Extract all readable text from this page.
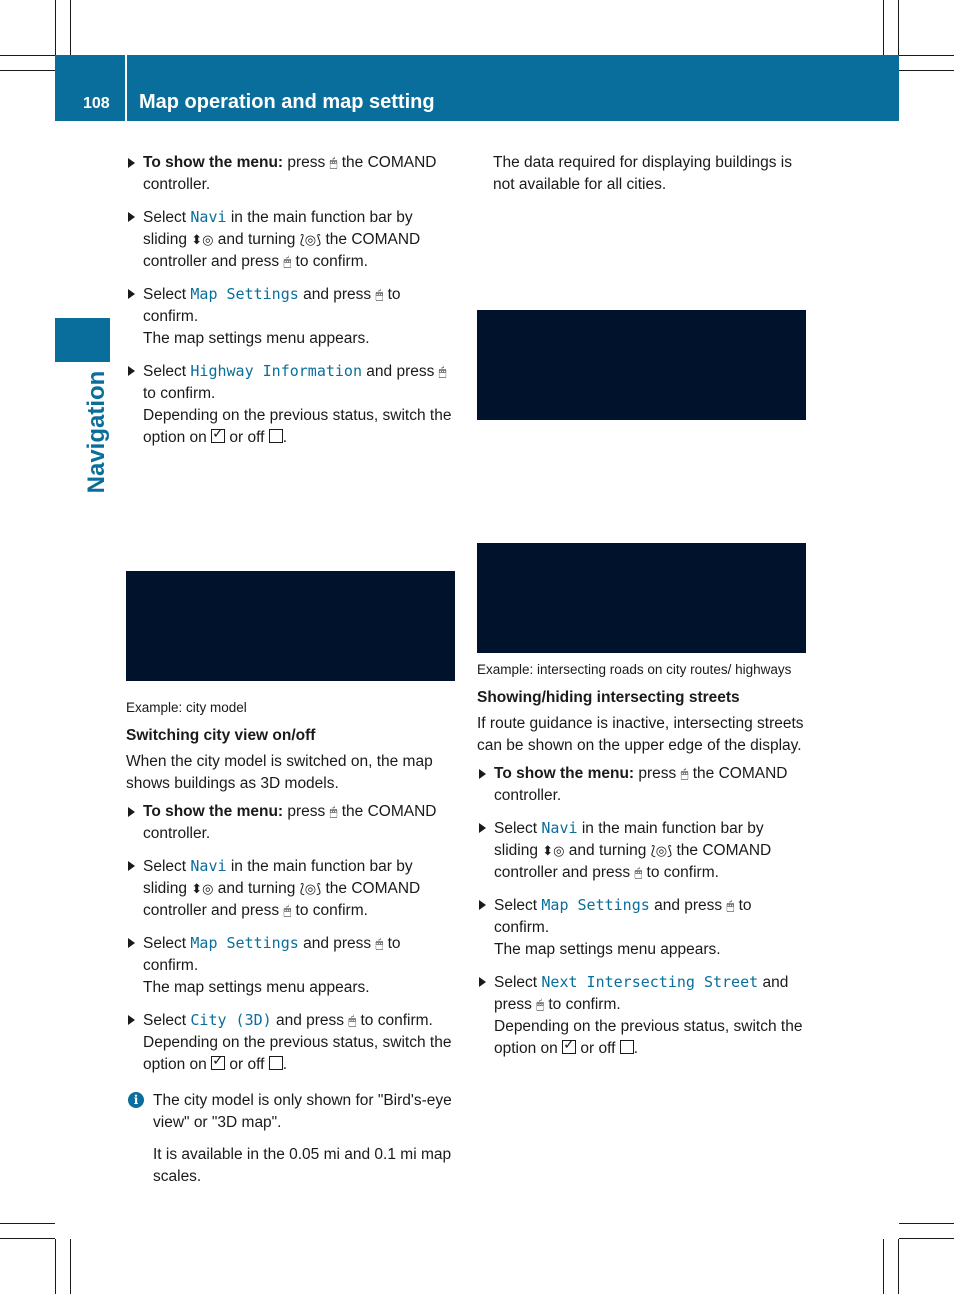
108 Map operation and map setting
Navigation

To show the menu: press 🖱 the COMAND controller.

Select Navi in the main function bar by sliding ⬍◎ and turning ⟅◎⟆ the COMAND controller and press 🖱 to confirm.

Select Map Settings and press 🖱 to confirm.

The map settings menu appears.

Select Highway Information and press 🖱 to confirm.

Depending on the previous status, switch the option on ✓ or off .

Example: city model

Switching city view on/off

When the city model is switched on, the map shows buildings as 3D models.

To show the menu: press 🖱 the COMAND controller.

Select Navi in the main function bar by sliding ⬍◎ and turning ⟅◎⟆ the COMAND controller and press 🖱 to confirm.

Select Map Settings and press 🖱 to confirm.

The map settings menu appears.

Select City (3D) and press 🖱 to confirm.

Depending on the previous status, switch the option on ✓ or off .

i The city model is only shown for "Bird's-eye view" or "3D map".

It is available in the 0.05 mi and 0.1 mi map scales.

The data required for displaying buildings is not available for all cities.

Example: intersecting roads on city routes/ highways

Showing/hiding intersecting streets

If route guidance is inactive, intersecting streets can be shown on the upper edge of the display.

To show the menu: press 🖱 the COMAND controller.

Select Navi in the main function bar by sliding ⬍◎ and turning ⟅◎⟆ the COMAND controller and press 🖱 to confirm.

Select Map Settings and press 🖱 to confirm.

The map settings menu appears.

Select Next Intersecting Street and press 🖱 to confirm.

Depending on the previous status, switch the option on ✓ or off .
